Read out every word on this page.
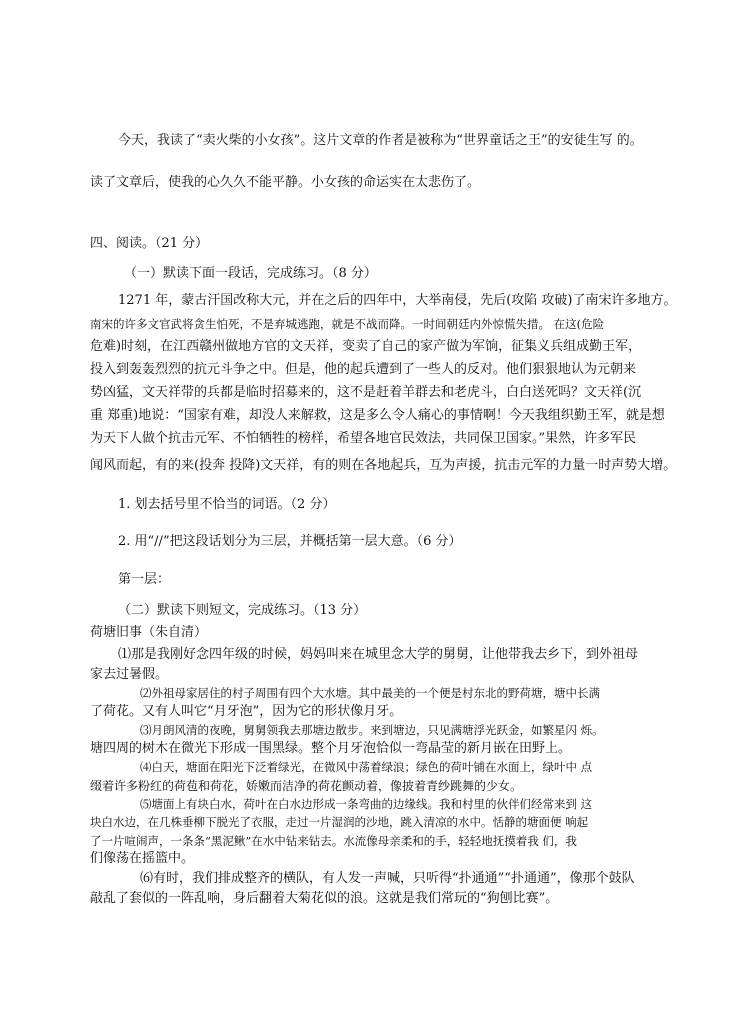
今天，我读了“卖火柴的小女孩”。这片文章的作者是被称为“世界童话之王”的安徒生写 的。
读了文章后，使我的心久久不能平静。小女孩的命运实在太悲伤了。
四、阅读。（21 分）
（一）默读下面一段话，完成练习。（8 分）
1271 年，蒙古汗国改称大元，并在之后的四年中，大举南侵，先后(攻陷 攻破)了南宋许多地方。
南宋的许多文官武将贪生怕死，不是弃城逃跑，就是不战而降。一时间朝廷内外惊慌失措。 在这(危险
危难)时刻，在江西赣州做地方官的文天祥，变卖了自己的家产做为军饷，征集义兵组成勤王军，
投入到轰轰烈烈的抗元斗争之中。但是，他的起兵遭到了一些人的反对。他们狠狠地认为元朝来
势凶猛，文天祥带的兵都是临时招募来的，这不是赶着羊群去和老虎斗，白白送死吗？文天祥(沉
重 郑重)地说：“国家有难，却没人来解救，这是多么令人痛心的事情啊！今天我组织勤王军，就是想
为天下人做个抗击元军、不怕牺牲的榜样，希望各地官民效法，共同保卫国家。”果然，许多军民
闻风而起，有的来(投奔 投降)文天祥，有的则在各地起兵，互为声援，抗击元军的力量一时声势大增。
1. 划去括号里不恰当的词语。（2 分）
2. 用“//”把这段话划分为三层，并概括第一层大意。（6 分）
第一层：
（二）默读下则短文，完成练习。（13 分）
荷塘旧事（朱自清）
⑴那是我刚好念四年级的时候，妈妈叫来在城里念大学的舅舅，让他带我去乡下，到外祖母
家去过暑假。
⑵外祖母家居住的村子周围有四个大水塘。其中最美的一个便是村东北的野荷塘，塘中长满
了荷花。又有人叫它“月牙泡”，因为它的形状像月牙。
⑶月朗风清的夜晚，舅舅领我去那塘边散步。来到塘边，只见满塘浮光跃金，如繁星闪 烁。
塘四周的树木在微光下形成一围黑绿。整个月牙泡恰似一弯晶莹的新月嵌在田野上。
⑷白天，塘面在阳光下泛着绿光，在微风中荡着绿浪；绿色的荷叶铺在水面上，绿叶中 点
缀着许多粉红的荷苞和荷花，娇嫩而洁净的荷花颤动着，像披着青纱跳舞的少女。
⑸塘面上有块白水，荷叶在白水边形成一条弯曲的边缘线。我和村里的伙伴们经常来到 这
块白水边，在几株垂柳下脱光了衣服，走过一片湿润的沙地，跳入清凉的水中。恬静的塘面便 响起
了一片喧闹声，一条条“黑泥鳅”在水中钻来钻去。水流像母亲柔和的手，轻轻地抚摸着我 们，我
们像荡在摇篮中。
⑹有时，我们排成整齐的横队，有人发一声喊，只听得“扑通通”“扑通通”，像那个鼓队
敲乱了套似的一阵乱响，身后翻着大菊花似的浪。这就是我们常玩的“狗刨比赛”。
